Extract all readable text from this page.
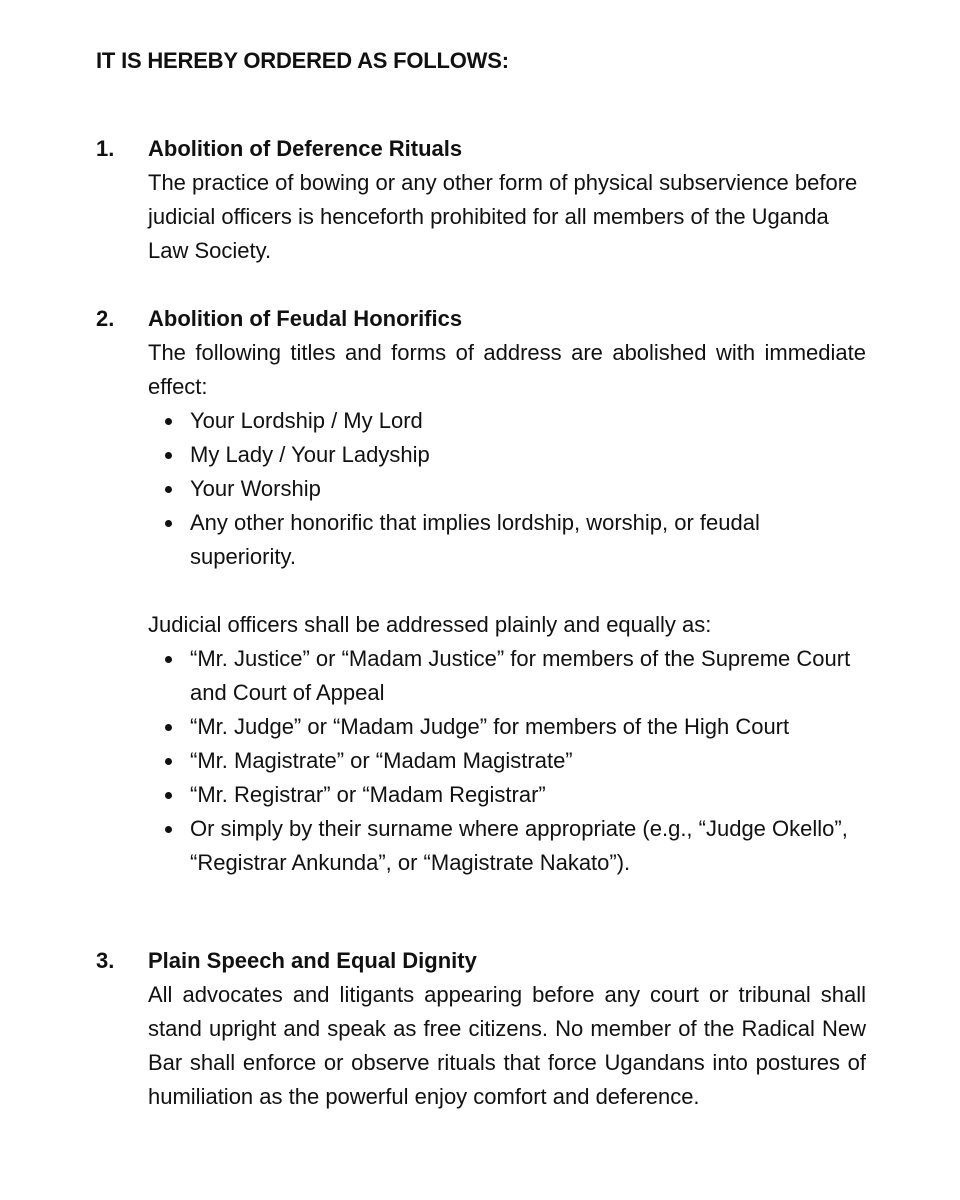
IT IS HEREBY ORDERED AS FOLLOWS:
1. Abolition of Deference Rituals
The practice of bowing or any other form of physical subservience before judicial officers is henceforth prohibited for all members of the Uganda Law Society.
2. Abolition of Feudal Honorifics
The following titles and forms of address are abolished with immediate effect:
Your Lordship / My Lord
My Lady / Your Ladyship
Your Worship
Any other honorific that implies lordship, worship, or feudal superiority.
Judicial officers shall be addressed plainly and equally as:
“Mr. Justice” or “Madam Justice” for members of the Supreme Court and Court of Appeal
“Mr. Judge” or “Madam Judge” for members of the High Court
“Mr. Magistrate” or “Madam Magistrate”
“Mr. Registrar” or “Madam Registrar”
Or simply by their surname where appropriate (e.g., “Judge Okello”, “Registrar Ankunda”, or “Magistrate Nakato”).
3. Plain Speech and Equal Dignity
All advocates and litigants appearing before any court or tribunal shall stand upright and speak as free citizens. No member of the Radical New Bar shall enforce or observe rituals that force Ugandans into postures of humiliation as the powerful enjoy comfort and deference.
